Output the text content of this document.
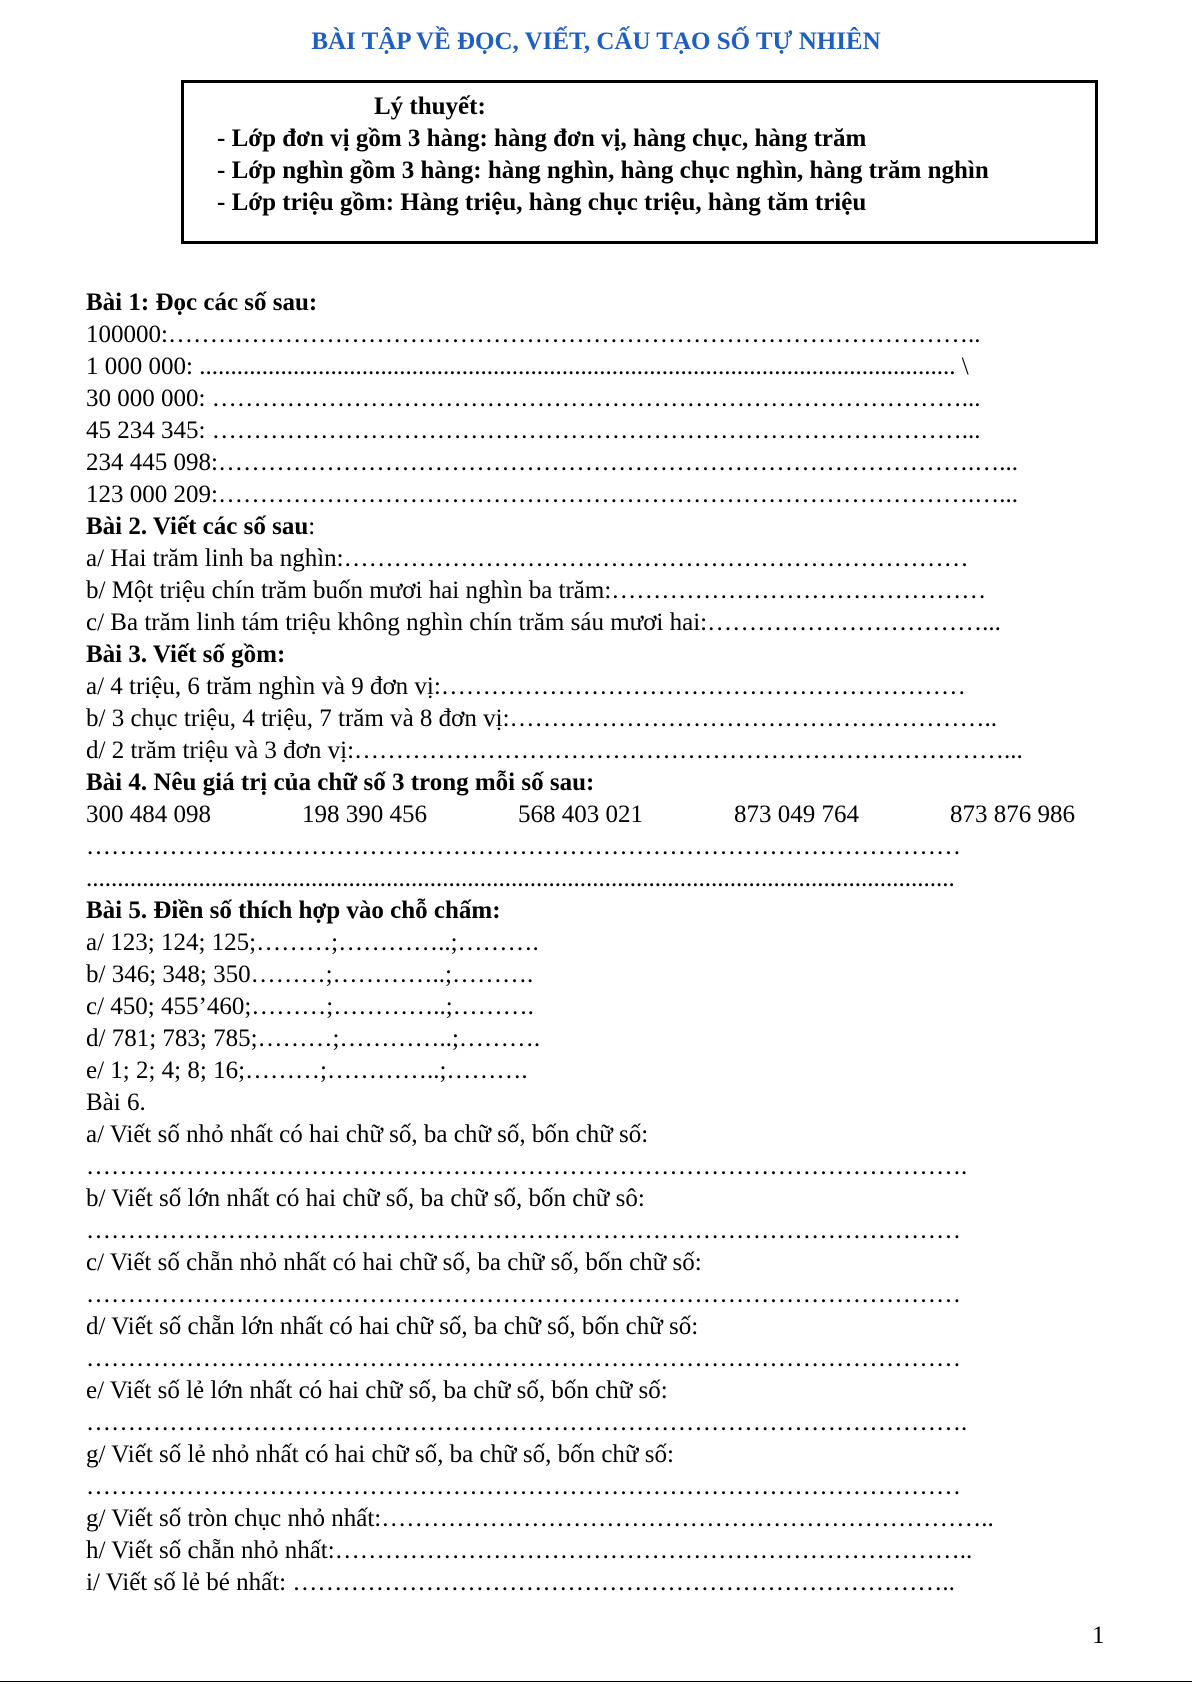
BÀI TẬP VỀ ĐỌC, VIẾT, CẤU TẠO SỐ TỰ NHIÊN
Lý thuyết:
- Lớp đơn vị gồm 3 hàng: hàng đơn vị, hàng chục, hàng trăm
- Lớp nghìn gồm 3 hàng: hàng nghìn, hàng chục nghìn, hàng trăm nghìn
- Lớp triệu gồm: Hàng triệu, hàng chục triệu, hàng tăm triệu
Bài 1: Đọc các số sau:
100000:……………………………………………………………………………………..
1 000 000: ......................................................................................................................... \
30 000 000: ………………………………………………………………………………...
45 234 345: ………………………………………………………………………………...
234 445 098:……………………………………………………………………………….…...
123 000 209:……………………………………………………………………………….…...
Bài 2. Viết các số sau:
a/ Hai trăm linh ba nghìn:…………………………………………………………………
b/ Một triệu chín trăm buốn mươi hai nghìn ba trăm:………………………………………
c/ Ba trăm linh tám triệu không nghìn chín trăm sáu mươi hai:……………………………...
Bài 3. Viết số gồm:
a/ 4 triệu, 6 trăm nghìn và 9 đơn vị:………………………………………………………
b/ 3 chục triệu, 4 triệu, 7 trăm và 8 đơn vị:…………………………………………………..
d/ 2 trăm triệu và 3 đơn vị:……………………………………………………………………...
Bài 4. Nêu giá trị của chữ số 3 trong mỗi số sau:
300 484 098	198 390 456	568 403 021	873 049 764	873 876 986
……………………………………………………………………………………………
...........................................................................................................................................
Bài 5. Điền số thích hợp vào chỗ chấm:
a/ 123; 124; 125;………;…………..;……….
b/ 346; 348; 350………;…………..;……….
c/ 450; 455’460;………;…………..;……….
d/ 781; 783; 785;………;…………..;……….
e/ 1; 2; 4; 8; 16;………;…………..;……….
Bài 6.
a/ Viết số nhỏ nhất có hai chữ số, ba chữ số, bốn chữ số:
…………………………………………………………………………………………….
b/ Viết số lớn nhất có hai chữ số, ba chữ số, bốn chữ sô:
……………………………………………………………………………………………
c/ Viết số chẵn nhỏ nhất có hai chữ số, ba chữ số, bốn chữ số:
……………………………………………………………………………………………
d/ Viết số chẵn lớn nhất có hai chữ số, ba chữ số, bốn chữ số:
……………………………………………………………………………………………
e/ Viết số lẻ lớn nhất có hai chữ số, ba chữ số, bốn chữ số:
…………………………………………………………………………………………….
g/ Viết số lẻ nhỏ nhất có hai chữ số, ba chữ số, bốn chữ số:
……………………………………………………………………………………………
g/ Viết số tròn chục nhỏ nhất:………………………………………………………………..
h/ Viết số chẵn nhỏ nhất:…………………………………………………………………..
i/ Viết số lẻ bé nhất: ……………………………………………………………………..
1
